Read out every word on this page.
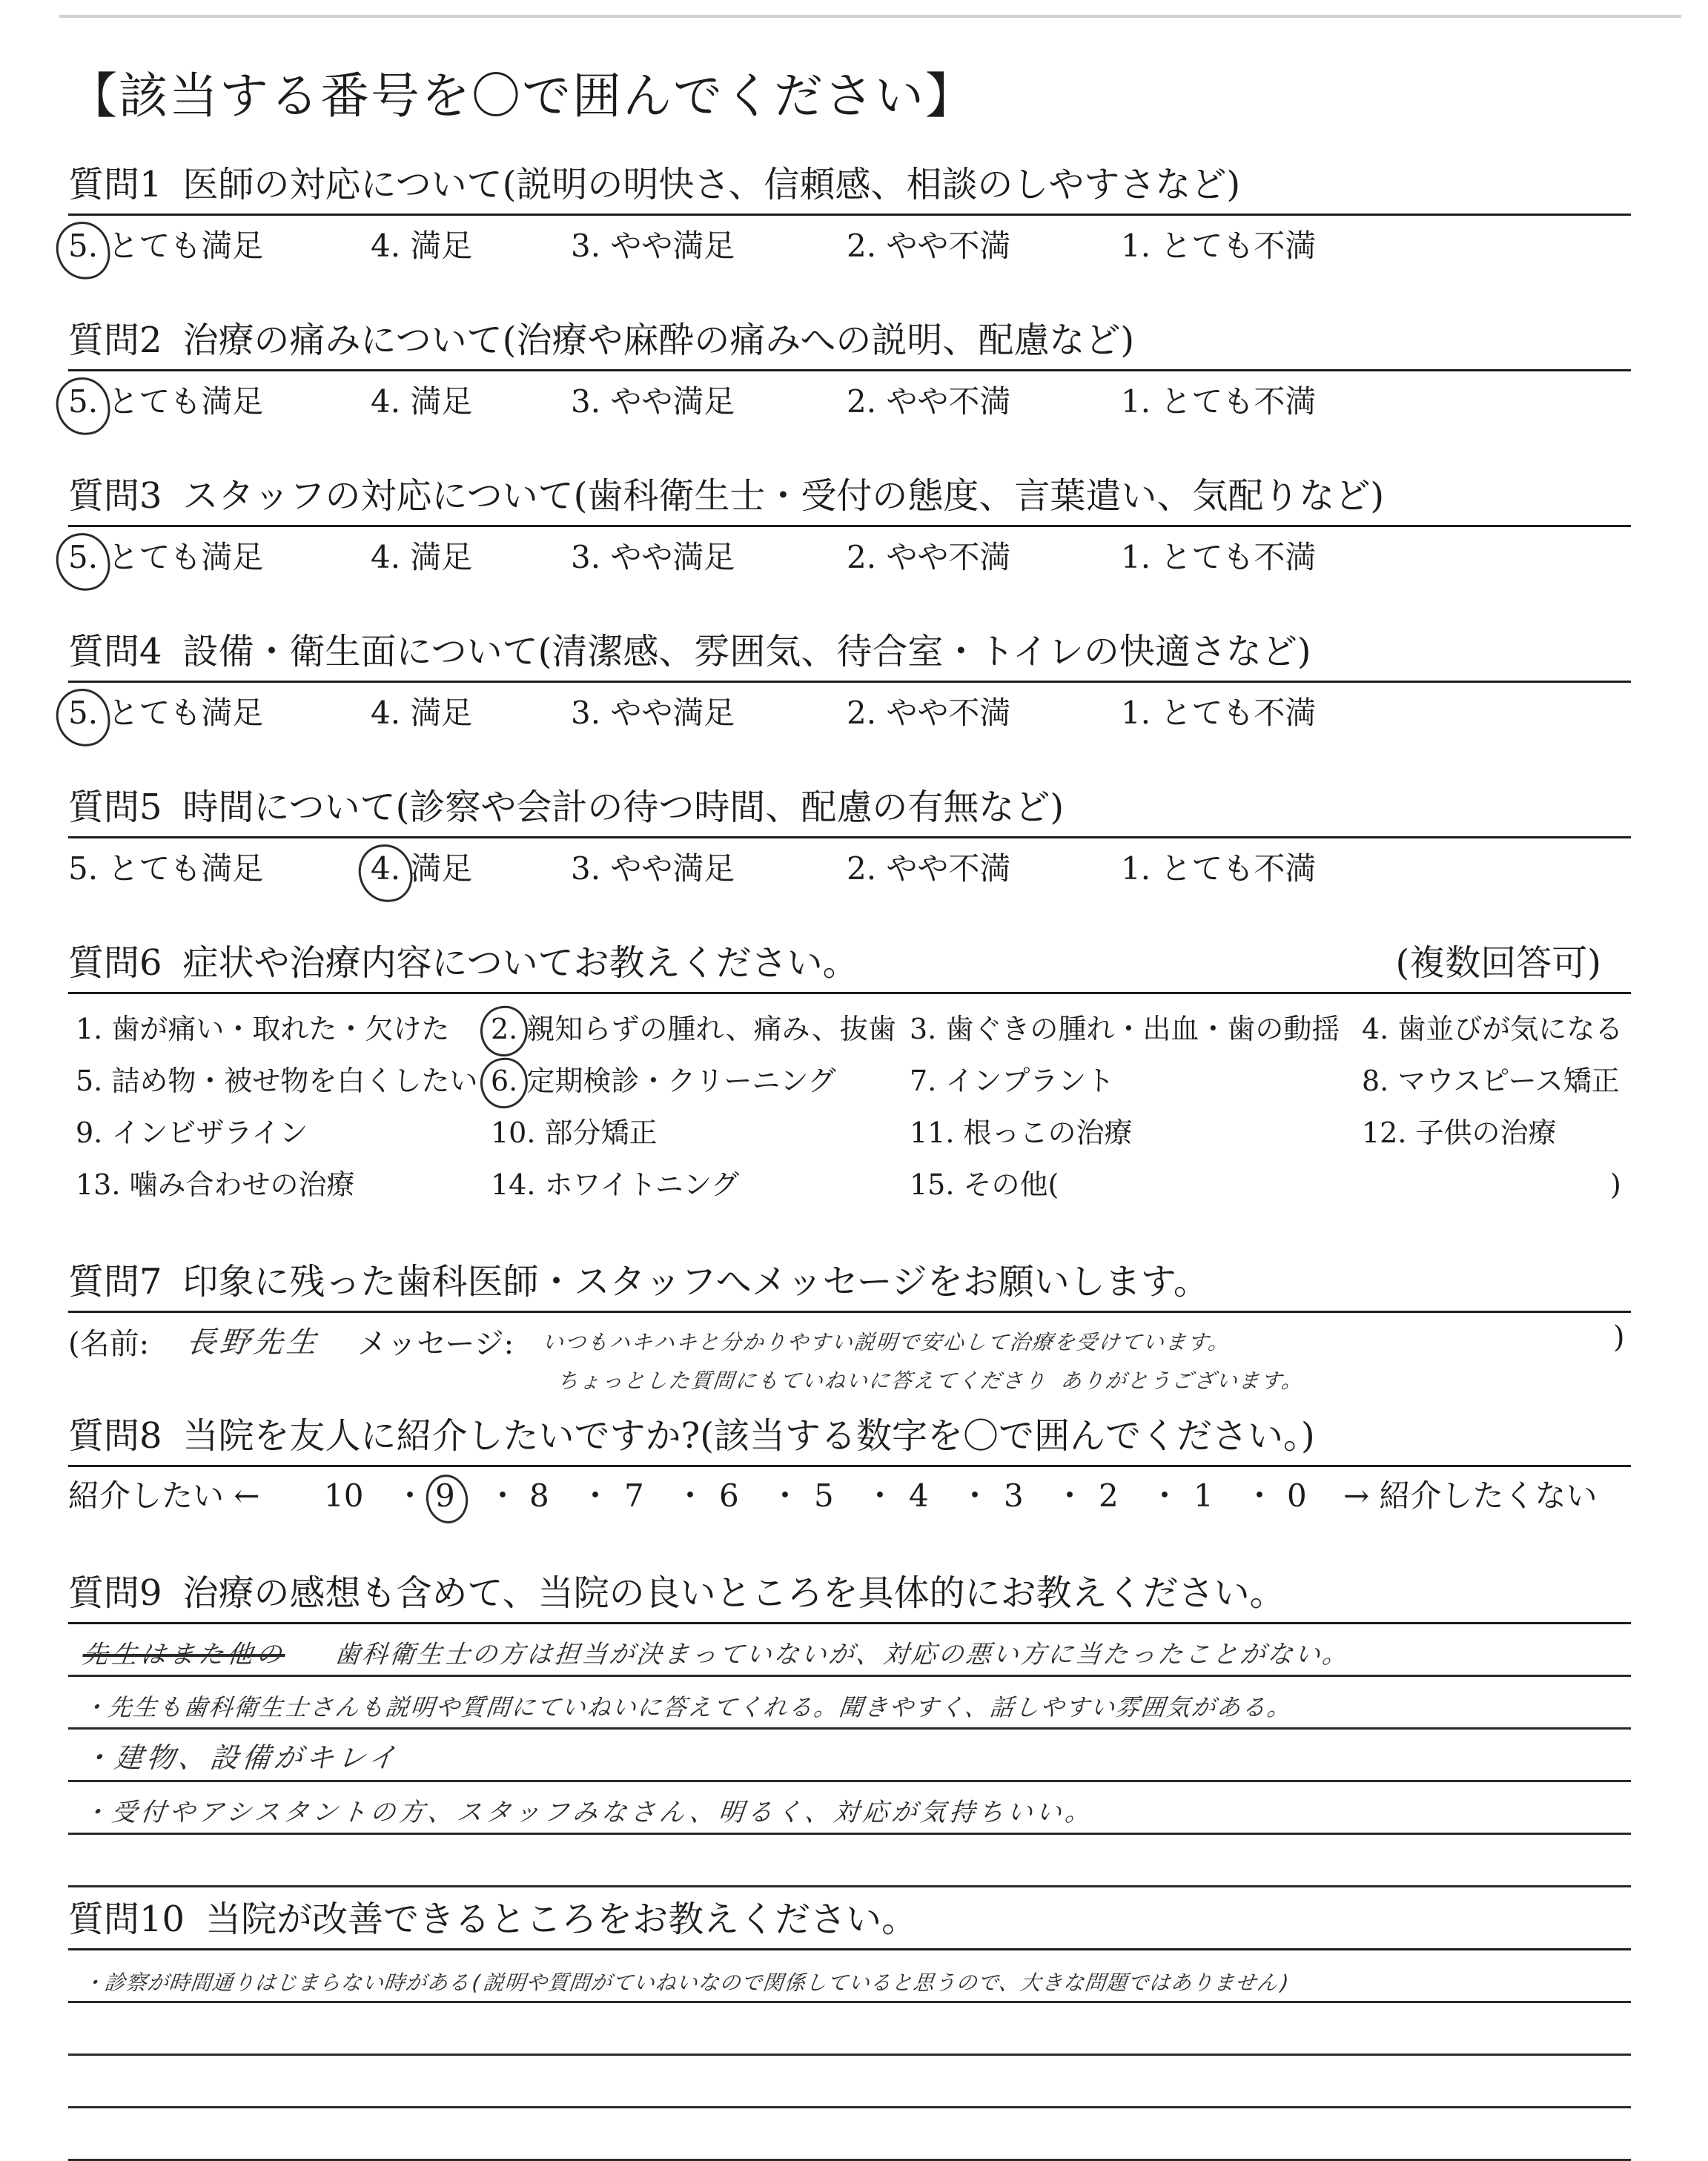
【該当する番号を〇で囲んでください】
質問1 医師の対応について(説明の明快さ、信頼感、相談のしやすさなど)
5. とても満足	4. 満足	3. やや満足	2. やや不満	1. とても不満
質問2 治療の痛みについて(治療や麻酔の痛みへの説明、配慮など)
5. とても満足	4. 満足	3. やや満足	2. やや不満	1. とても不満
質問3 スタッフの対応について(歯科衛生士・受付の態度、言葉遣い、気配りなど)
5. とても満足	4. 満足	3. やや満足	2. やや不満	1. とても不満
質問4 設備・衛生面について(清潔感、雰囲気、待合室・トイレの快適さなど)
5. とても満足	4. 満足	3. やや満足	2. やや不満	1. とても不満
質問5 時間について(診察や会計の待つ時間、配慮の有無など)
5. とても満足	4. 満足	3. やや満足	2. やや不満	1. とても不満
質問6 症状や治療内容についてお教えください。	(複数回答可)
1. 歯が痛い・取れた・欠けた 2. 親知らずの腫れ、痛み、抜歯 3. 歯ぐきの腫れ・出血・歯の動揺 4. 歯並びが気になる
5. 詰め物・被せ物を白くしたい 6. 定期検診・クリーニング	7. インプラント	8. マウスピース矯正
9. インビザライン	10. 部分矯正	11. 根っこの治療	12. 子供の治療
13. 噛み合わせの治療	14. ホワイトニング	15. その他(	)
質問7 印象に残った歯科医師・スタッフへメッセージをお願いします。
(名前: 長野先生 メッセージ: いつもハキハキと分かりやすい説明で安心して治療を受けています。
ちょっとした質問にもていねいに答えてくださり ありがとうございます。
)
質問8 当院を友人に紹介したいですか?(該当する数字を〇で囲んでください。)
紹介したい ← 10 ・ 9 ・ 8 ・ 7 ・ 6 ・ 5 ・ 4 ・ 3 ・ 2 ・ 1 ・ 0 → 紹介したくない
質問9 治療の感想も含めて、当院の良いところを具体的にお教えください。
先生はまた他の 歯科衛生士の方は担当が決まっていないが、対応の悪い方に当たったことがない。
・先生も歯科衛生士さんも説明や質問にていねいに答えてくれる。聞きやすく、話しやすい雰囲気がある。
・建物、設備がキレイ
・受付やアシスタントの方、スタッフみなさん、明るく、対応が気持ちいい。
質問10 当院が改善できるところをお教えください。
・診察が時間通りはじまらない時がある(説明や質問がていねいなので関係していると思うので、大きな問題ではありません)
